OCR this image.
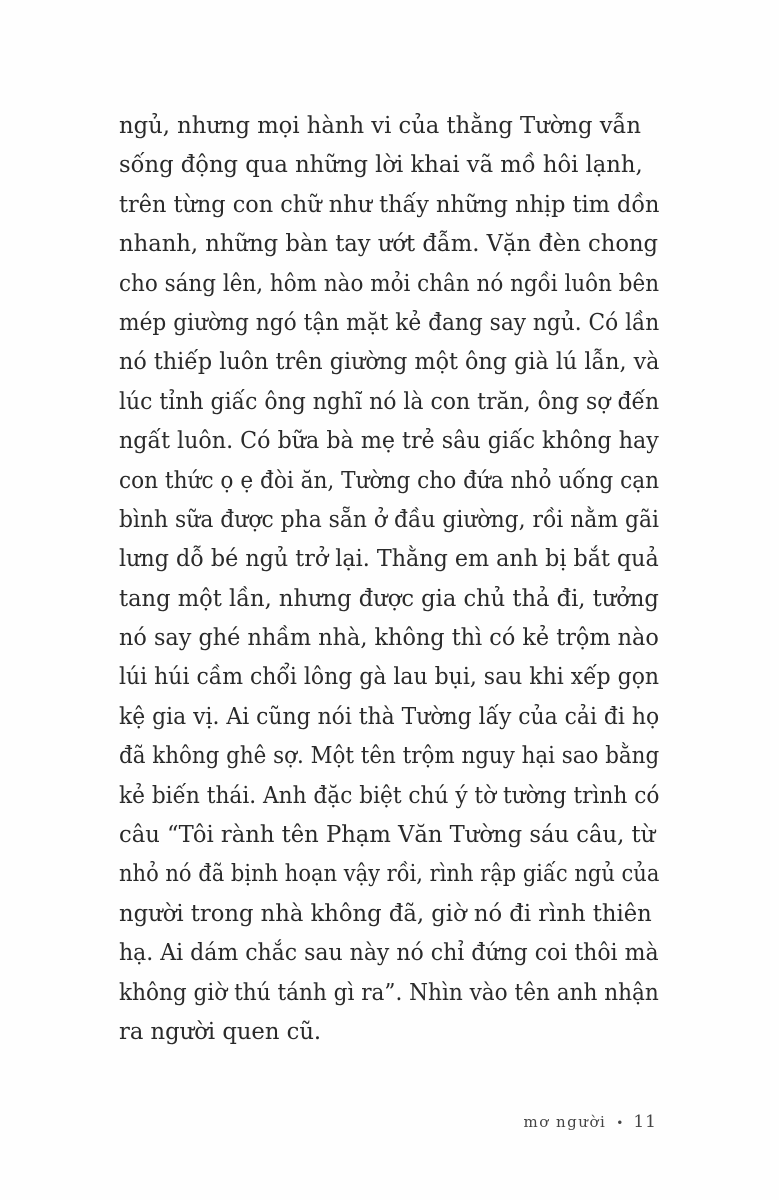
ngủ, nhưng mọi hành vi của thằng Tường vẫn
sống động qua những lời khai vã mồ hôi lạnh,
trên từng con chữ như thấy những nhịp tim dồn
nhanh, những bàn tay ướt đẫm. Vặn đèn chong
cho sáng lên, hôm nào mỏi chân nó ngồi luôn bên
mép giường ngó tận mặt kẻ đang say ngủ. Có lần
nó thiếp luôn trên giường một ông già lú lẫn, và
lúc tỉnh giấc ông nghĩ nó là con trăn, ông sợ đến
ngất luôn. Có bữa bà mẹ trẻ sâu giấc không hay
con thức ọ ẹ đòi ăn, Tường cho đứa nhỏ uống cạn
bình sữa được pha sẵn ở đầu giường, rồi nằm gãi
lưng dỗ bé ngủ trở lại. Thằng em anh bị bắt quả
tang một lần, nhưng được gia chủ thả đi, tưởng
nó say ghé nhầm nhà, không thì có kẻ trộm nào
lúi húi cầm chổi lông gà lau bụi, sau khi xếp gọn
kệ gia vị. Ai cũng nói thà Tường lấy của cải đi họ
đã không ghê sợ. Một tên trộm nguy hại sao bằng
kẻ biến thái. Anh đặc biệt chú ý tờ tường trình có
câu “Tôi rành tên Phạm Văn Tường sáu câu, từ
nhỏ nó đã bịnh hoạn vậy rồi, rình rập giấc ngủ của
người trong nhà không đã, giờ nó đi rình thiên
hạ. Ai dám chắc sau này nó chỉ đứng coi thôi mà
không giờ thú tánh gì ra”. Nhìn vào tên anh nhận
ra người quen cũ.
mơ người • 11
